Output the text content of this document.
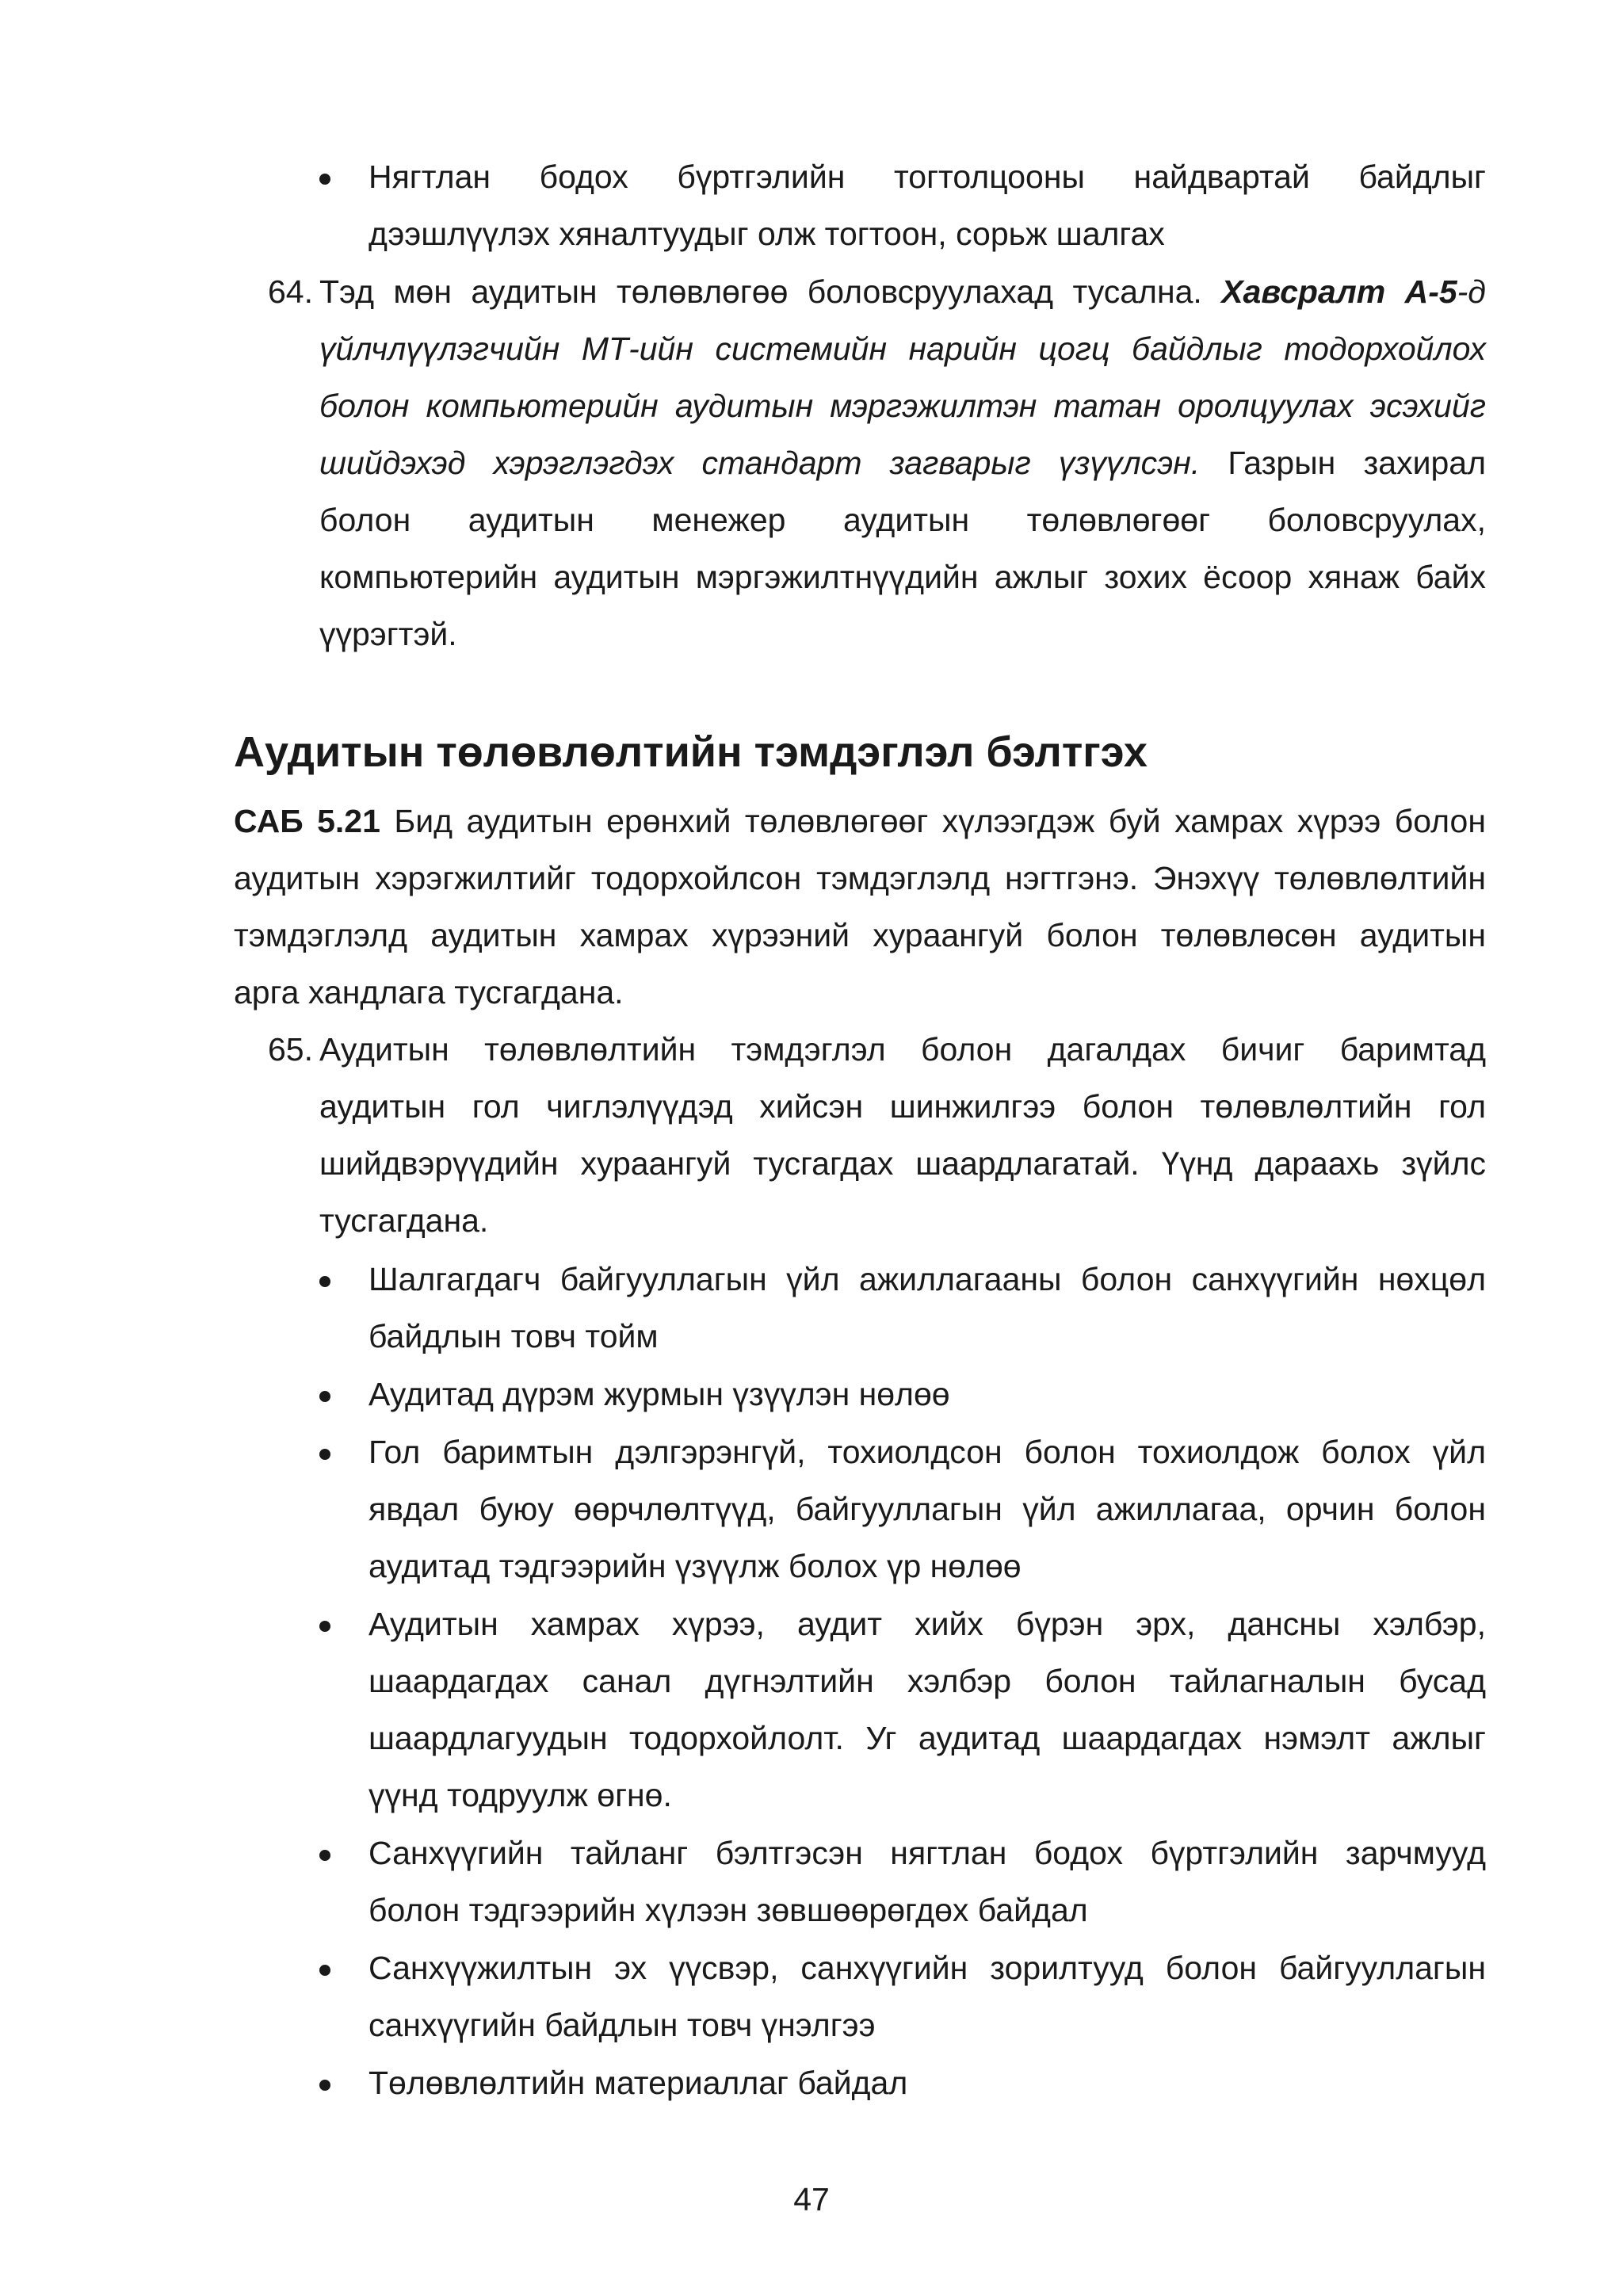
Нягтлан бодох бүртгэлийн тогтолцооны найдвартай байдлыг
дээшлүүлэх хяналтуудыг олж тогтоон, сорьж шалгах
64. Тэд мөн аудитын төлөвлөгөө боловсруулахад тусална. Хавсралт А-5-д
үйлчлүүлэгчийн МТ-ийн системийн нарийн цогц байдлыг тодорхойлох
болон компьютерийн аудитын мэргэжилтэн татан оролцуулах эсэхийг
шийдэхэд хэрэглэгдэх стандарт загварыг үзүүлсэн. Газрын захирал
болон аудитын менежер аудитын төлөвлөгөөг боловсруулах,
компьютерийн аудитын мэргэжилтнүүдийн ажлыг зохих ёсоор хянаж байх
үүрэгтэй.
Аудитын төлөвлөлтийн тэмдэглэл бэлтгэх
САБ 5.21 Бид аудитын ерөнхий төлөвлөгөөг хүлээгдэж буй хамрах хүрээ болон
аудитын хэрэгжилтийг тодорхойлсон тэмдэглэлд нэгтгэнэ. Энэхүү төлөвлөлтийн
тэмдэглэлд аудитын хамрах хүрээний хураангуй болон төлөвлөсөн аудитын
арга хандлага тусгагдана.
65. Аудитын төлөвлөлтийн тэмдэглэл болон дагалдах бичиг баримтад
аудитын гол чиглэлүүдэд хийсэн шинжилгээ болон төлөвлөлтийн гол
шийдвэрүүдийн хураангуй тусгагдах шаардлагатай. Үүнд дараахь зүйлс
тусгагдана.
Шалгагдагч байгууллагын үйл ажиллагааны болон санхүүгийн нөхцөл
байдлын товч тойм
Аудитад дүрэм журмын үзүүлэн нөлөө
Гол баримтын дэлгэрэнгүй, тохиолдсон болон тохиолдож болох үйл
явдал буюу өөрчлөлтүүд, байгууллагын үйл ажиллагаа, орчин болон
аудитад тэдгээрийн үзүүлж болох үр нөлөө
Аудитын хамрах хүрээ, аудит хийх бүрэн эрх, дансны хэлбэр,
шаардагдах санал дүгнэлтийн хэлбэр болон тайлагналын бусад
шаардлагуудын тодорхойлолт. Уг аудитад шаардагдах нэмэлт ажлыг
үүнд тодруулж өгнө.
Санхүүгийн тайланг бэлтгэсэн нягтлан бодох бүртгэлийн зарчмууд
болон тэдгээрийн хүлээн зөвшөөрөгдөх байдал
Санхүүжилтын эх үүсвэр, санхүүгийн зорилтууд болон байгууллагын
санхүүгийн байдлын товч үнэлгээ
Төлөвлөлтийн материаллаг байдал
47
